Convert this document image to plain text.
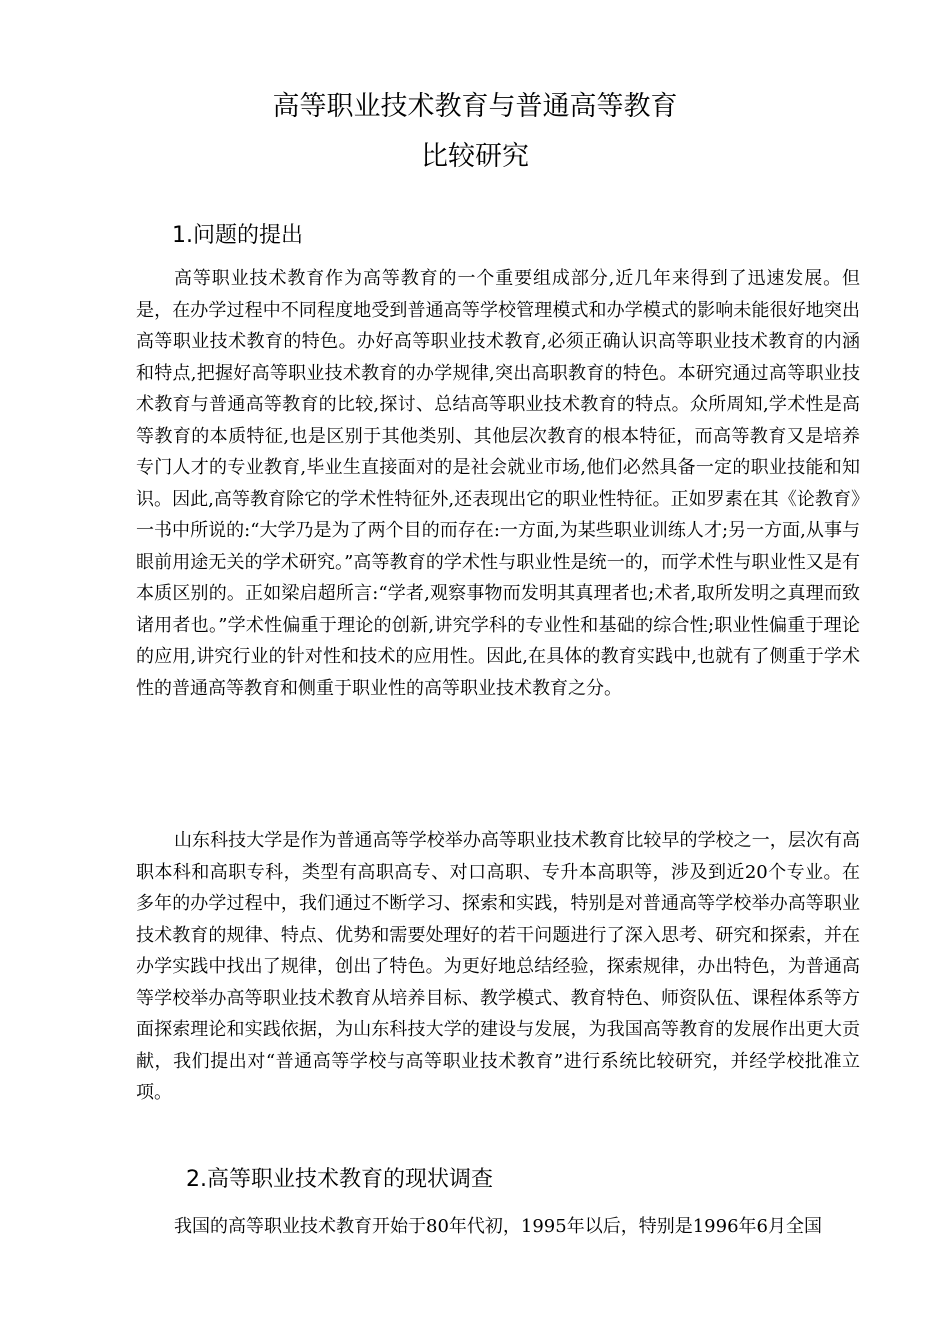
高等职业技术教育与普通高等教育
比较研究
1.问题的提出

高等职业技术教育作为高等教育的一个重要组成部分,近几年来得到了迅速发展。但是，在办学过程中不同程度地受到普通高等学校管理模式和办学模式的影响未能很好地突出高等职业技术教育的特色。办好高等职业技术教育,必须正确认识高等职业技术教育的内涵和特点,把握好高等职业技术教育的办学规律,突出高职教育的特色。本研究通过高等职业技术教育与普通高等教育的比较,探讨、总结高等职业技术教育的特点。众所周知,学术性是高等教育的本质特征,也是区别于其他类别、其他层次教育的根本特征，而高等教育又是培养专门人才的专业教育,毕业生直接面对的是社会就业市场,他们必然具备一定的职业技能和知识。因此,高等教育除它的学术性特征外,还表现出它的职业性特征。正如罗素在其《论教育》一书中所说的:“大学乃是为了两个目的而存在:一方面,为某些职业训练人才;另一方面,从事与眼前用途无关的学术研究。”高等教育的学术性与职业性是统一的，而学术性与职业性又是有本质区别的。正如梁启超所言:“学者,观察事物而发明其真理者也;术者,取所发明之真理而致诸用者也。”学术性偏重于理论的创新,讲究学科的专业性和基础的综合性;职业性偏重于理论的应用,讲究行业的针对性和技术的应用性。因此,在具体的教育实践中,也就有了侧重于学术性的普通高等教育和侧重于职业性的高等职业技术教育之分。

山东科技大学是作为普通高等学校举办高等职业技术教育比较早的学校之一，层次有高职本科和高职专科，类型有高职高专、对口高职、专升本高职等，涉及到近20个专业。在多年的办学过程中，我们通过不断学习、探索和实践，特别是对普通高等学校举办高等职业技术教育的规律、特点、优势和需要处理好的若干问题进行了深入思考、研究和探索，并在办学实践中找出了规律，创出了特色。为更好地总结经验，探索规律，办出特色，为普通高等学校举办高等职业技术教育从培养目标、教学模式、教育特色、师资队伍、课程体系等方面探索理论和实践依据，为山东科技大学的建设与发展，为我国高等教育的发展作出更大贡献，我们提出对“普通高等学校与高等职业技术教育”进行系统比较研究，并经学校批准立项。

2.高等职业技术教育的现状调查

我国的高等职业技术教育开始于80年代初，1995年以后，特别是1996年6月全国
